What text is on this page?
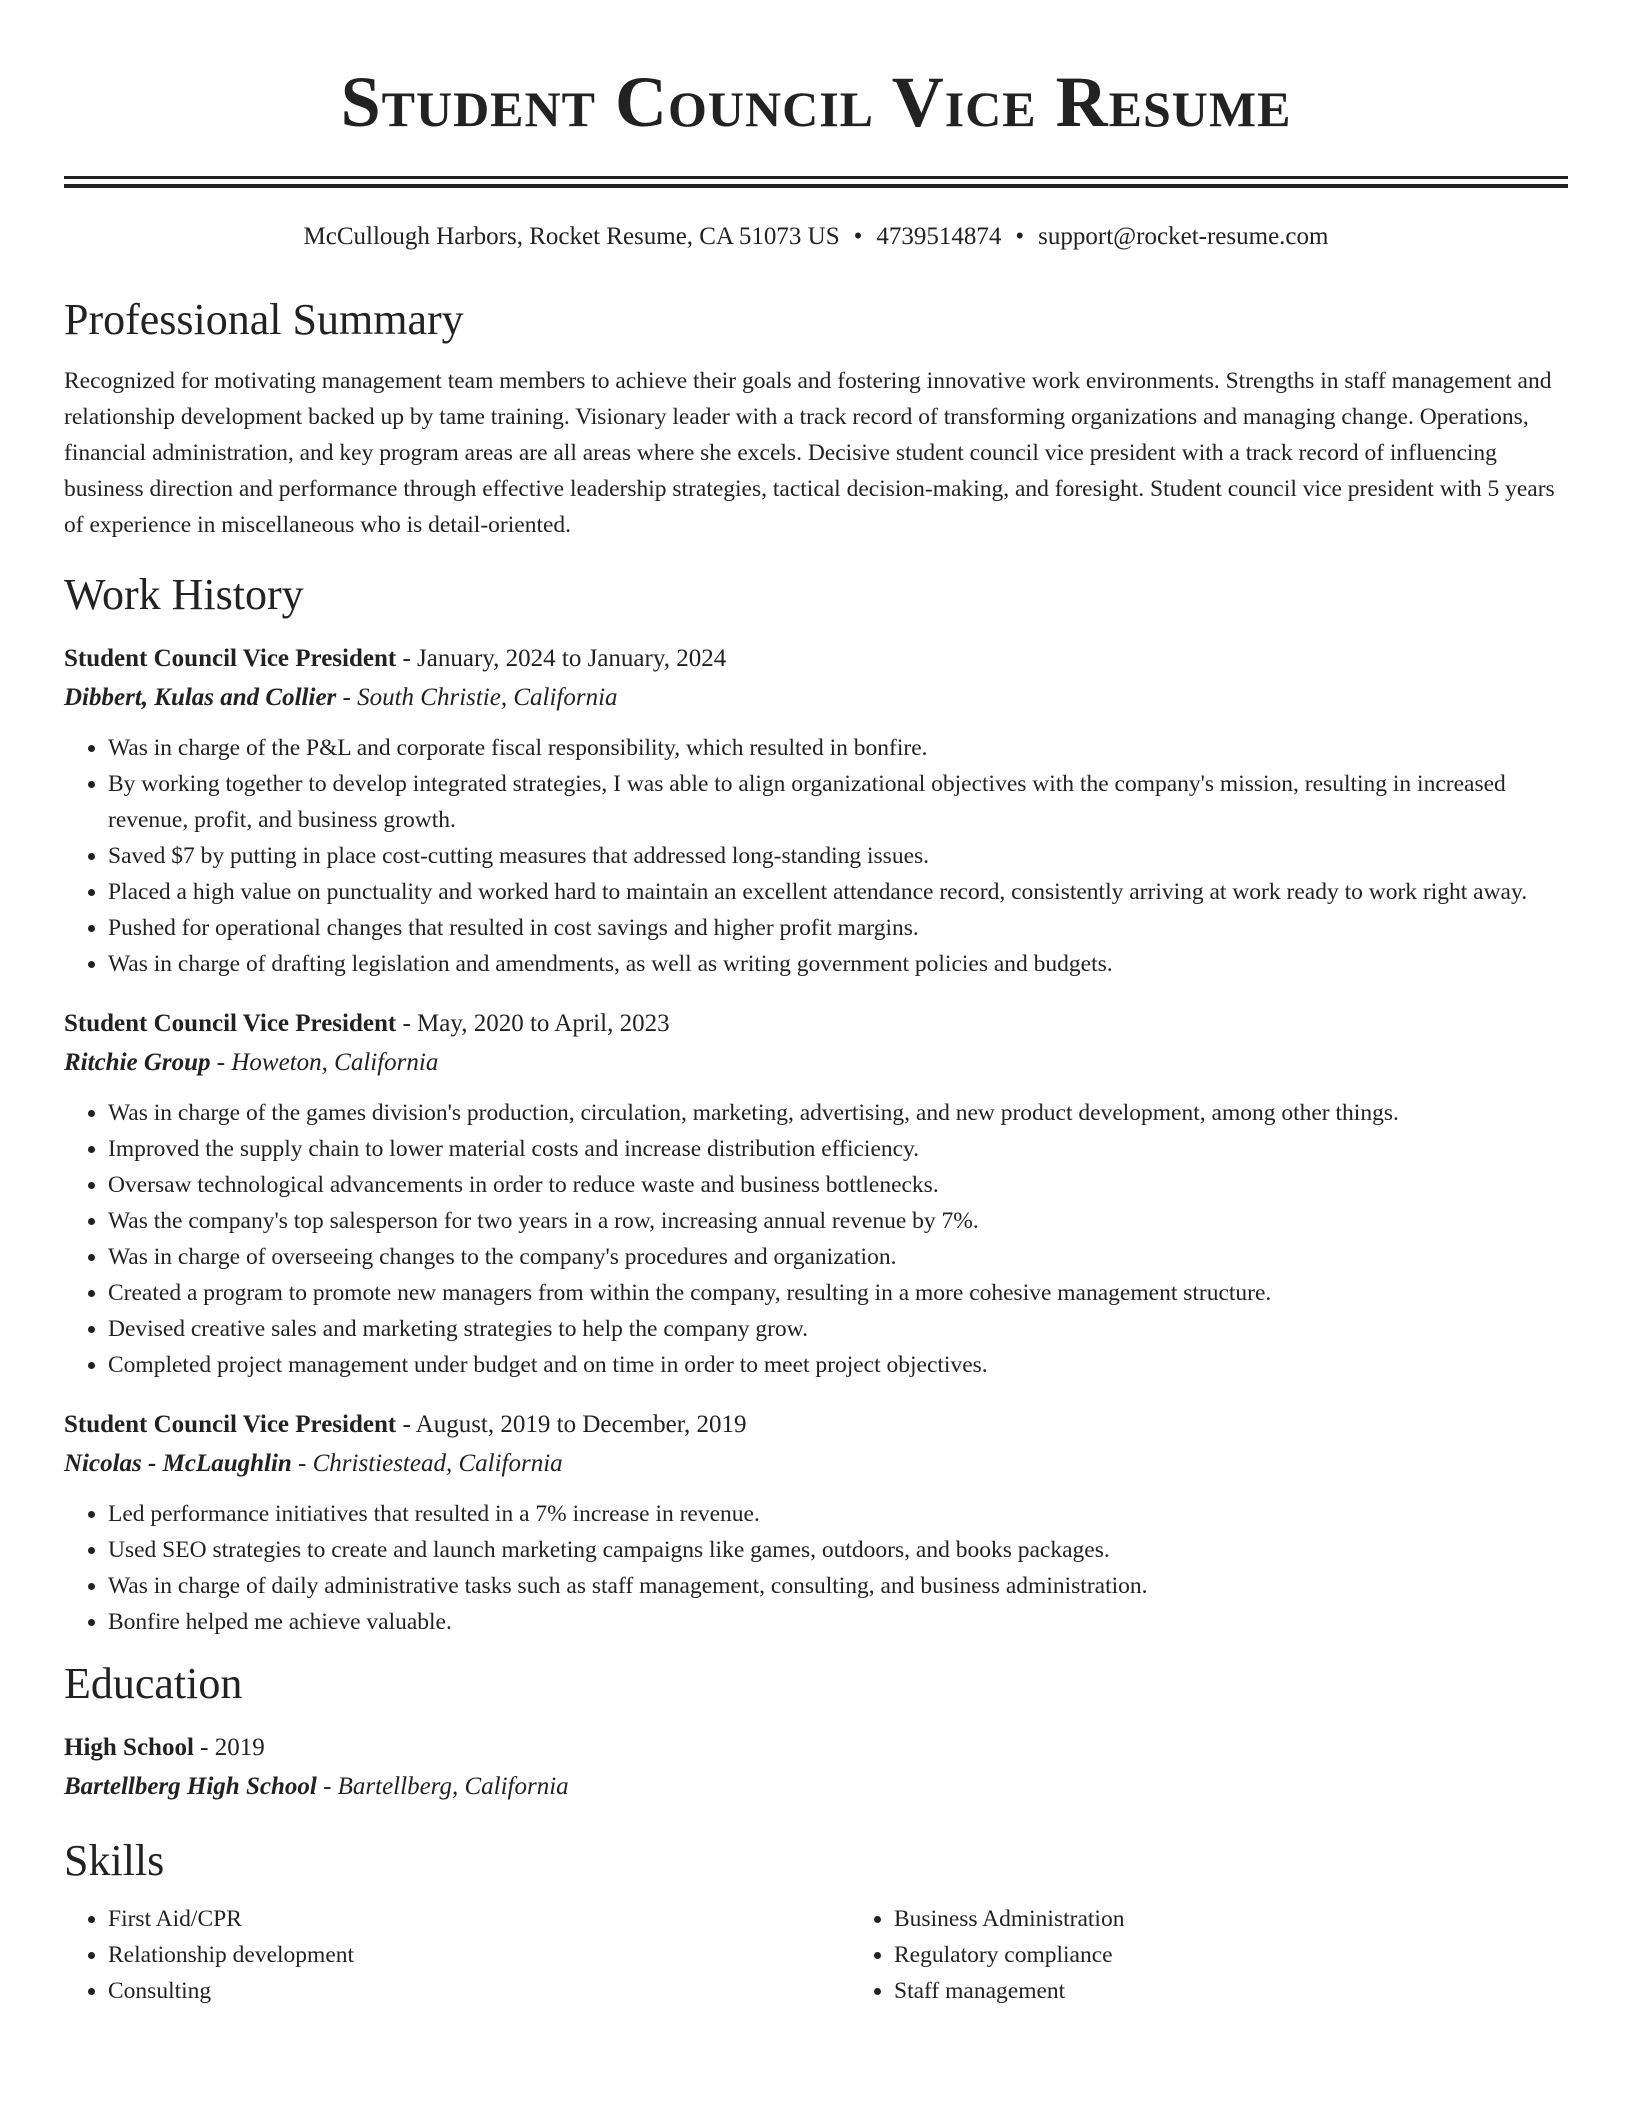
Student Council Vice Resume
McCullough Harbors, Rocket Resume, CA 51073 US • 4739514874 • support@rocket-resume.com
Professional Summary

Recognized for motivating management team members to achieve their goals and fostering innovative work environments. Strengths in staff management and relationship development backed up by tame training. Visionary leader with a track record of transforming organizations and managing change. Operations, financial administration, and key program areas are all areas where she excels. Decisive student council vice president with a track record of influencing business direction and performance through effective leadership strategies, tactical decision-making, and foresight. Student council vice president with 5 years of experience in miscellaneous who is detail-oriented.

Work History
Student Council Vice President - January, 2024 to January, 2024
Dibbert, Kulas and Collier - South Christie, California
• Was in charge of the P&L and corporate fiscal responsibility, which resulted in bonfire.
• By working together to develop integrated strategies, I was able to align organizational objectives with the company's mission, resulting in increased revenue, profit, and business growth.
• Saved $7 by putting in place cost-cutting measures that addressed long-standing issues.
• Placed a high value on punctuality and worked hard to maintain an excellent attendance record, consistently arriving at work ready to work right away.
• Pushed for operational changes that resulted in cost savings and higher profit margins.
• Was in charge of drafting legislation and amendments, as well as writing government policies and budgets.
Student Council Vice President - May, 2020 to April, 2023
Ritchie Group - Howeton, California
• Was in charge of the games division's production, circulation, marketing, advertising, and new product development, among other things.
• Improved the supply chain to lower material costs and increase distribution efficiency.
• Oversaw technological advancements in order to reduce waste and business bottlenecks.
• Was the company's top salesperson for two years in a row, increasing annual revenue by 7%.
• Was in charge of overseeing changes to the company's procedures and organization.
• Created a program to promote new managers from within the company, resulting in a more cohesive management structure.
• Devised creative sales and marketing strategies to help the company grow.
• Completed project management under budget and on time in order to meet project objectives.
Student Council Vice President - August, 2019 to December, 2019
Nicolas - McLaughlin - Christiestead, California
• Led performance initiatives that resulted in a 7% increase in revenue.
• Used SEO strategies to create and launch marketing campaigns like games, outdoors, and books packages.
• Was in charge of daily administrative tasks such as staff management, consulting, and business administration.
• Bonfire helped me achieve valuable.
Education
High School - 2019
Bartellberg High School - Bartellberg, California
Skills
• First Aid/CPR
• Relationship development
• Consulting
• Business Administration
• Regulatory compliance
• Staff management
